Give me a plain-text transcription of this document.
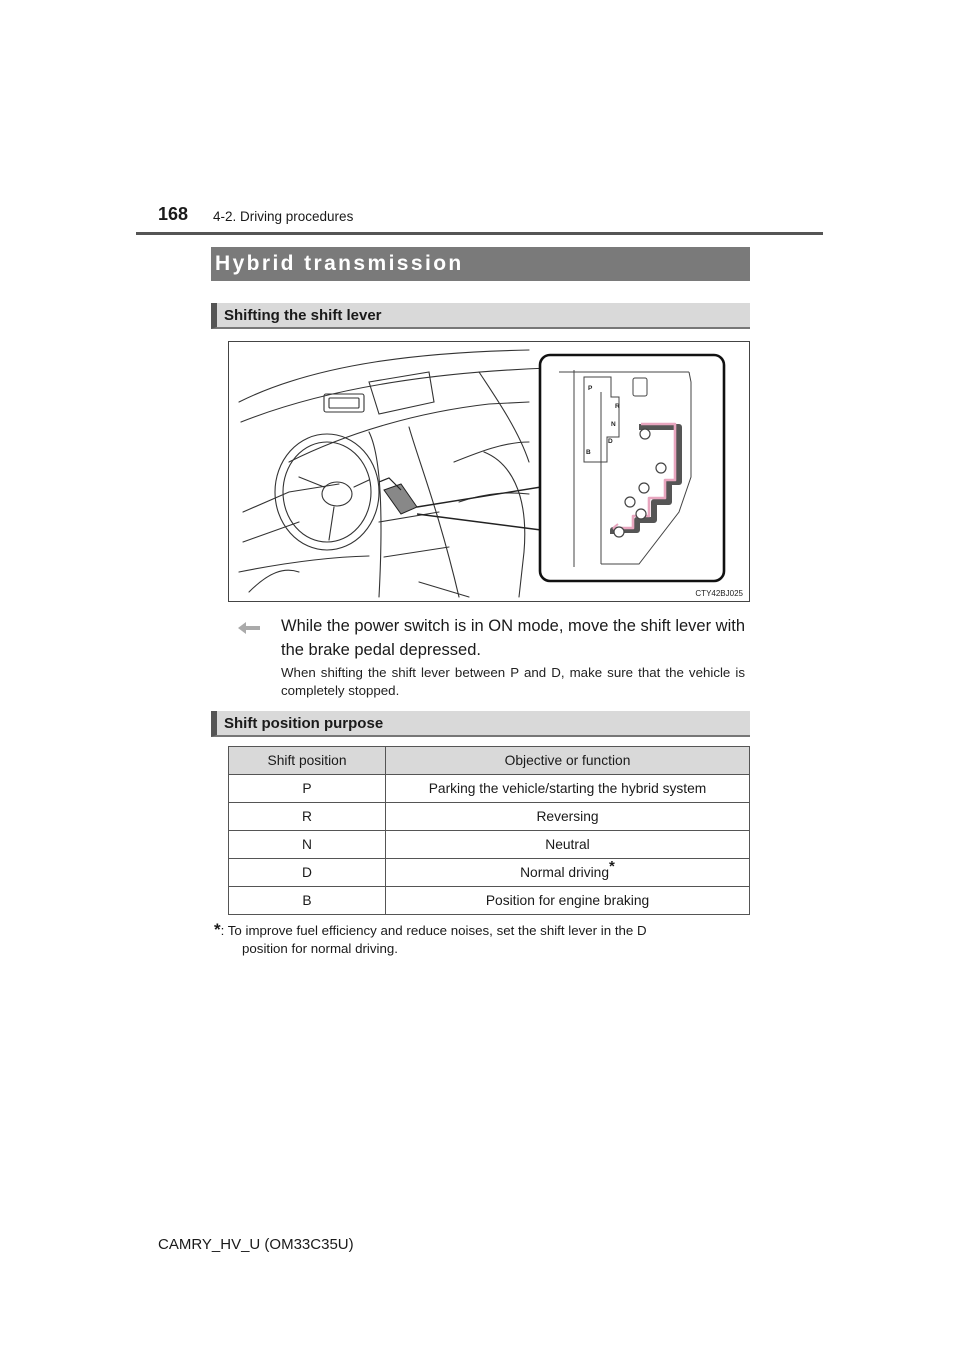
168 4-2. Driving procedures
Hybrid transmission
Shifting the shift lever
P
R
N
D
B
CTY42BJ025
While the power switch is in ON mode, move the shift lever with the brake pedal depressed.
When shifting the shift lever between P and D, make sure that the vehicle is completely stopped.
Shift position purpose
Shift position	Objective or function
P	Parking the vehicle/starting the hybrid system
R	Reversing
N	Neutral
D	Normal driving*
B	Position for engine braking
*: To improve fuel efficiency and reduce noises, set the shift lever in the D
position for normal driving.
CAMRY_HV_U (OM33C35U)
